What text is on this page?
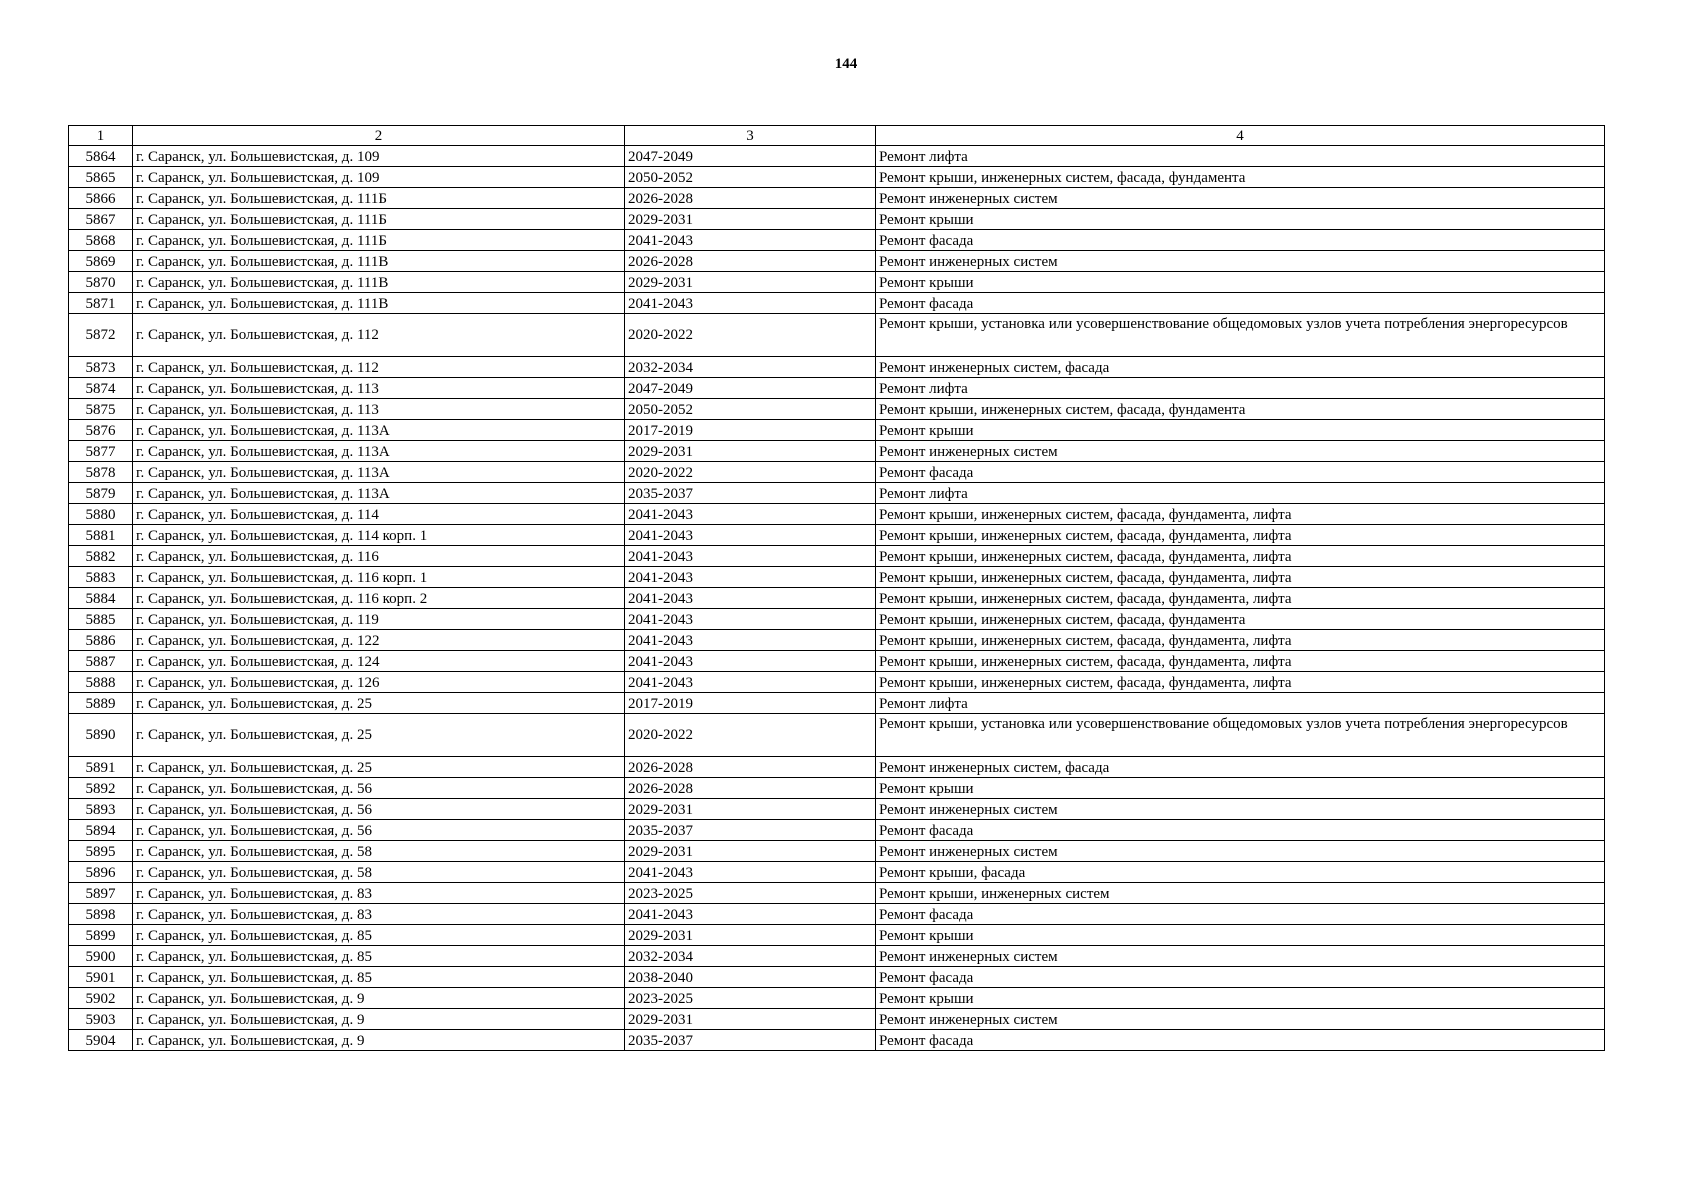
144
1	2	3	4
5864	г. Саранск, ул. Большевистская, д. 109	2047-2049	Ремонт лифта
5865	г. Саранск, ул. Большевистская, д. 109	2050-2052	Ремонт крыши, инженерных систем, фасада, фундамента
5866	г. Саранск, ул. Большевистская, д. 111Б	2026-2028	Ремонт инженерных систем
5867	г. Саранск, ул. Большевистская, д. 111Б	2029-2031	Ремонт крыши
5868	г. Саранск, ул. Большевистская, д. 111Б	2041-2043	Ремонт фасада
5869	г. Саранск, ул. Большевистская, д. 111В	2026-2028	Ремонт инженерных систем
5870	г. Саранск, ул. Большевистская, д. 111В	2029-2031	Ремонт крыши
5871	г. Саранск, ул. Большевистская, д. 111В	2041-2043	Ремонт фасада
5872	г. Саранск, ул. Большевистская, д. 112	2020-2022	Ремонт крыши, установка или усовершенствование общедомовых узлов учета потребления энергоресурсов
5873	г. Саранск, ул. Большевистская, д. 112	2032-2034	Ремонт инженерных систем, фасада
5874	г. Саранск, ул. Большевистская, д. 113	2047-2049	Ремонт лифта
5875	г. Саранск, ул. Большевистская, д. 113	2050-2052	Ремонт крыши, инженерных систем, фасада, фундамента
5876	г. Саранск, ул. Большевистская, д. 113А	2017-2019	Ремонт крыши
5877	г. Саранск, ул. Большевистская, д. 113А	2029-2031	Ремонт инженерных систем
5878	г. Саранск, ул. Большевистская, д. 113А	2020-2022	Ремонт фасада
5879	г. Саранск, ул. Большевистская, д. 113А	2035-2037	Ремонт лифта
5880	г. Саранск, ул. Большевистская, д. 114	2041-2043	Ремонт крыши, инженерных систем, фасада, фундамента, лифта
5881	г. Саранск, ул. Большевистская, д. 114 корп. 1	2041-2043	Ремонт крыши, инженерных систем, фасада, фундамента, лифта
5882	г. Саранск, ул. Большевистская, д. 116	2041-2043	Ремонт крыши, инженерных систем, фасада, фундамента, лифта
5883	г. Саранск, ул. Большевистская, д. 116 корп. 1	2041-2043	Ремонт крыши, инженерных систем, фасада, фундамента, лифта
5884	г. Саранск, ул. Большевистская, д. 116 корп. 2	2041-2043	Ремонт крыши, инженерных систем, фасада, фундамента, лифта
5885	г. Саранск, ул. Большевистская, д. 119	2041-2043	Ремонт крыши, инженерных систем, фасада, фундамента
5886	г. Саранск, ул. Большевистская, д. 122	2041-2043	Ремонт крыши, инженерных систем, фасада, фундамента, лифта
5887	г. Саранск, ул. Большевистская, д. 124	2041-2043	Ремонт крыши, инженерных систем, фасада, фундамента, лифта
5888	г. Саранск, ул. Большевистская, д. 126	2041-2043	Ремонт крыши, инженерных систем, фасада, фундамента, лифта
5889	г. Саранск, ул. Большевистская, д. 25	2017-2019	Ремонт лифта
5890	г. Саранск, ул. Большевистская, д. 25	2020-2022	Ремонт крыши, установка или усовершенствование общедомовых узлов учета потребления энергоресурсов
5891	г. Саранск, ул. Большевистская, д. 25	2026-2028	Ремонт инженерных систем, фасада
5892	г. Саранск, ул. Большевистская, д. 56	2026-2028	Ремонт крыши
5893	г. Саранск, ул. Большевистская, д. 56	2029-2031	Ремонт инженерных систем
5894	г. Саранск, ул. Большевистская, д. 56	2035-2037	Ремонт фасада
5895	г. Саранск, ул. Большевистская, д. 58	2029-2031	Ремонт инженерных систем
5896	г. Саранск, ул. Большевистская, д. 58	2041-2043	Ремонт крыши, фасада
5897	г. Саранск, ул. Большевистская, д. 83	2023-2025	Ремонт крыши, инженерных систем
5898	г. Саранск, ул. Большевистская, д. 83	2041-2043	Ремонт фасада
5899	г. Саранск, ул. Большевистская, д. 85	2029-2031	Ремонт крыши
5900	г. Саранск, ул. Большевистская, д. 85	2032-2034	Ремонт инженерных систем
5901	г. Саранск, ул. Большевистская, д. 85	2038-2040	Ремонт фасада
5902	г. Саранск, ул. Большевистская, д. 9	2023-2025	Ремонт крыши
5903	г. Саранск, ул. Большевистская, д. 9	2029-2031	Ремонт инженерных систем
5904	г. Саранск, ул. Большевистская, д. 9	2035-2037	Ремонт фасада
